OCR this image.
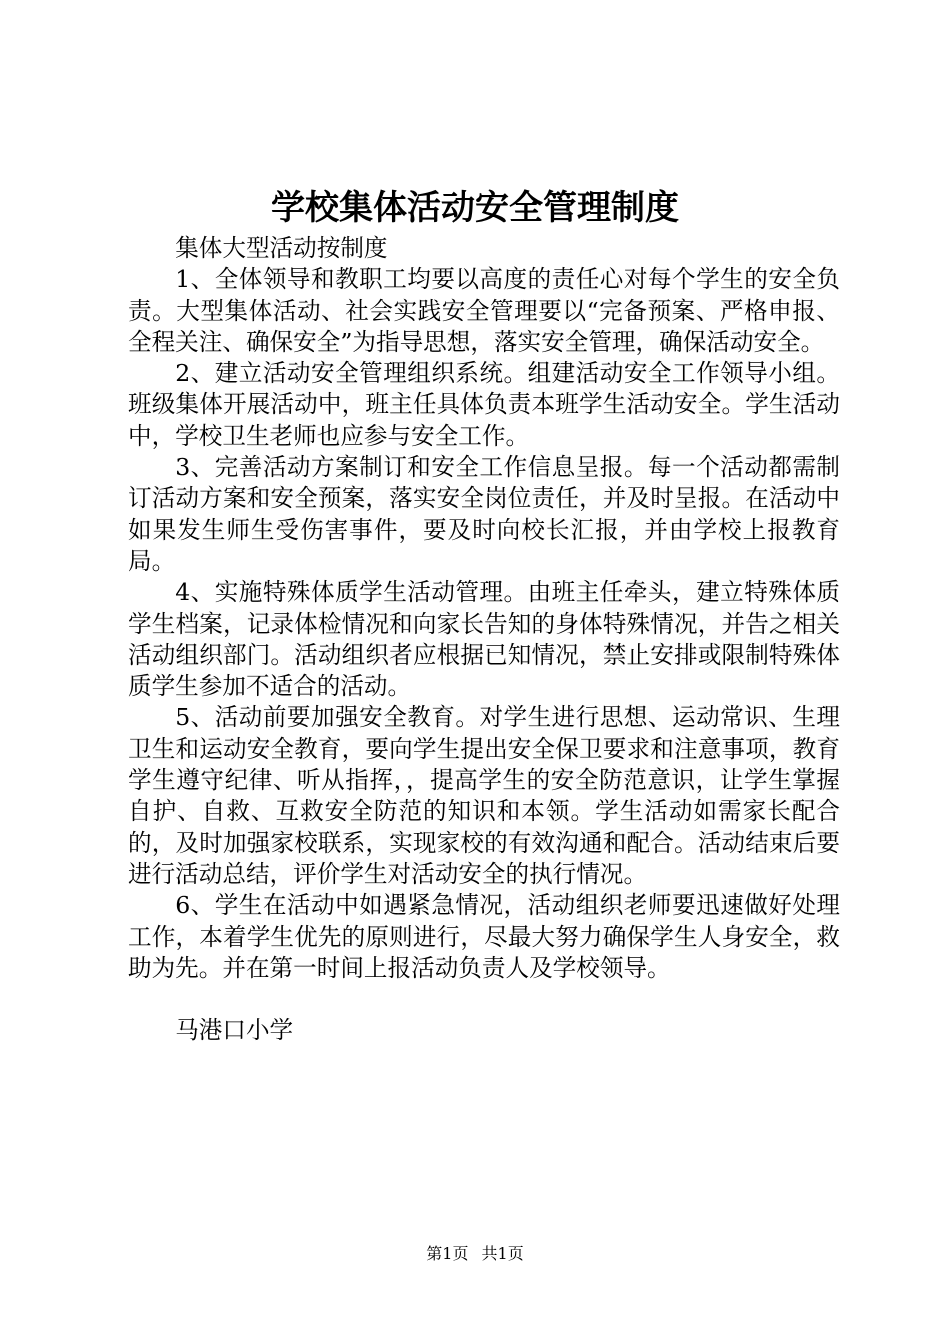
学校集体活动安全管理制度

集体大型活动按制度

1、全体领导和教职工均要以高度的责任心对每个学生的安全负责。大型集体活动、社会实践安全管理要以“完备预案、严格申报、全程关注、确保安全”为指导思想，落实安全管理，确保活动安全。

2、建立活动安全管理组织系统。组建活动安全工作领导小组。班级集体开展活动中，班主任具体负责本班学生活动安全。学生活动中，学校卫生老师也应参与安全工作。

3、完善活动方案制订和安全工作信息呈报。每一个活动都需制订活动方案和安全预案，落实安全岗位责任，并及时呈报。在活动中如果发生师生受伤害事件，要及时向校长汇报，并由学校上报教育局。

4、实施特殊体质学生活动管理。由班主任牵头，建立特殊体质学生档案，记录体检情况和向家长告知的身体特殊情况，并告之相关活动组织部门。活动组织者应根据已知情况，禁止安排或限制特殊体质学生参加不适合的活动。

5、活动前要加强安全教育。对学生进行思想、运动常识、生理卫生和运动安全教育，要向学生提出安全保卫要求和注意事项，教育学生遵守纪律、听从指挥，，提高学生的安全防范意识，让学生掌握自护、自救、互救安全防范的知识和本领。学生活动如需家长配合的，及时加强家校联系，实现家校的有效沟通和配合。活动结束后要进行活动总结，评价学生对活动安全的执行情况。

6、学生在活动中如遇紧急情况，活动组织老师要迅速做好处理工作，本着学生优先的原则进行，尽最大努力确保学生人身安全，救助为先。并在第一时间上报活动负责人及学校领导。

马港口小学

第1页 共1页
